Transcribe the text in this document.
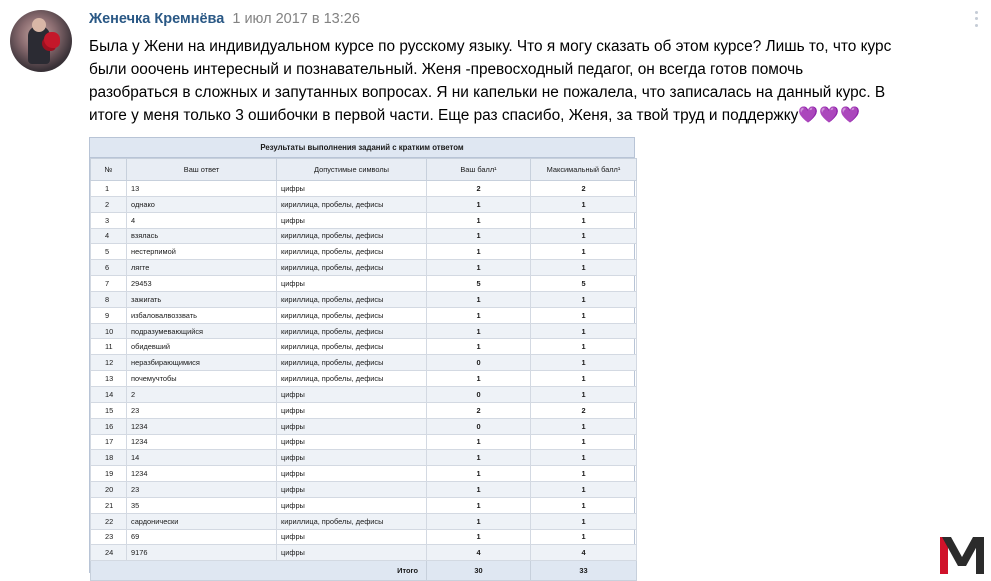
Женечка Кремнёва 1 июл 2017 в 13:26

Была у Жени на индивидуальном курсе по русскому языку. Что я могу сказать об этом курсе? Лишь то, что курс
были ооочень интересный и познавательный. Женя -превосходный педагог, он всегда готов помочь
разобраться в сложных и запутанных вопросах. Я ни капельки не пожалела, что записалась на данный курс. В
итоге у меня только 3 ошибочки в первой части. Еще раз спасибо, Женя, за твой труд и поддержку💜💜💜

Результаты выполнения заданий с кратким ответом
№	Ваш ответ	Допустимые символы	Ваш балл¹	Максимальный балл¹
1	13	цифры	2	2
2	однако	кириллица, пробелы, дефисы	1	1
3	4	цифры	1	1
4	взялась	кириллица, пробелы, дефисы	1	1
5	нестерпимой	кириллица, пробелы, дефисы	1	1
6	лягте	кириллица, пробелы, дефисы	1	1
7	29453	цифры	5	5
8	зажигать	кириллица, пробелы, дефисы	1	1
9	избаловалвоззвать	кириллица, пробелы, дефисы	1	1
10	подразумевающийся	кириллица, пробелы, дефисы	1	1
11	обидевший	кириллица, пробелы, дефисы	1	1
12	неразбирающимися	кириллица, пробелы, дефисы	0	1
13	почемучтобы	кириллица, пробелы, дефисы	1	1
14	2	цифры	0	1
15	23	цифры	2	2
16	1234	цифры	0	1
17	1234	цифры	1	1
18	14	цифры	1	1
19	1234	цифры	1	1
20	23	цифры	1	1
21	35	цифры	1	1
22	сардонически	кириллица, пробелы, дефисы	1	1
23	69	цифры	1	1
24	9176	цифры	4	4
Итого			30	33
